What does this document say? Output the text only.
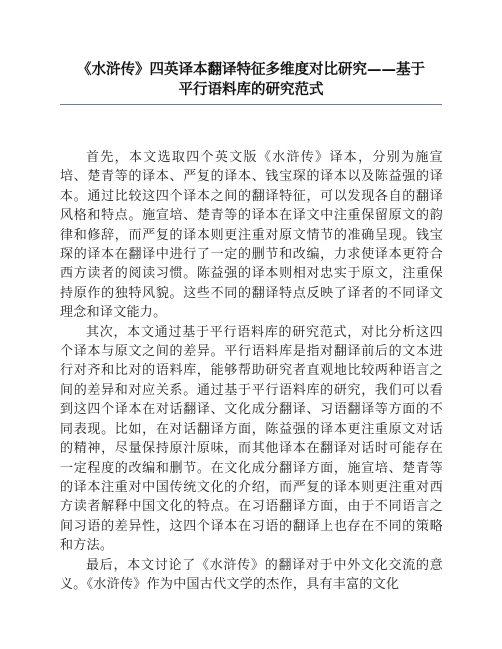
《水浒传》四英译本翻译特征多维度对比研究——基于
平行语料库的研究范式

首先，本文选取四个英文版《水浒传》译本，分别为施宣培、楚青等的译本、严复的译本、钱宝琛的译本以及陈益强的译本。通过比较这四个译本之间的翻译特征，可以发现各自的翻译风格和特点。施宣培、楚青等的译本在译文中注重保留原文的韵律和修辞，而严复的译本则更注重对原文情节的准确呈现。钱宝琛的译本在翻译中进行了一定的删节和改编，力求使译本更符合西方读者的阅读习惯。陈益强的译本则相对忠实于原文，注重保持原作的独特风貌。这些不同的翻译特点反映了译者的不同译文理念和译文能力。

其次，本文通过基于平行语料库的研究范式，对比分析这四个译本与原文之间的差异。平行语料库是指对翻译前后的文本进行对齐和比对的语料库，能够帮助研究者直观地比较两种语言之间的差异和对应关系。通过基于平行语料库的研究，我们可以看到这四个译本在对话翻译、文化成分翻译、习语翻译等方面的不同表现。比如，在对话翻译方面，陈益强的译本更注重原文对话的精神，尽量保持原汁原味，而其他译本在翻译对话时可能存在一定程度的改编和删节。在文化成分翻译方面，施宣培、楚青等的译本注重对中国传统文化的介绍，而严复的译本则更注重对西方读者解释中国文化的特点。在习语翻译方面，由于不同语言之间习语的差异性，这四个译本在习语的翻译上也存在不同的策略和方法。

最后，本文讨论了《水浒传》的翻译对于中外文化交流的意义。《水浒传》作为中国古代文学的杰作，具有丰富的文化
